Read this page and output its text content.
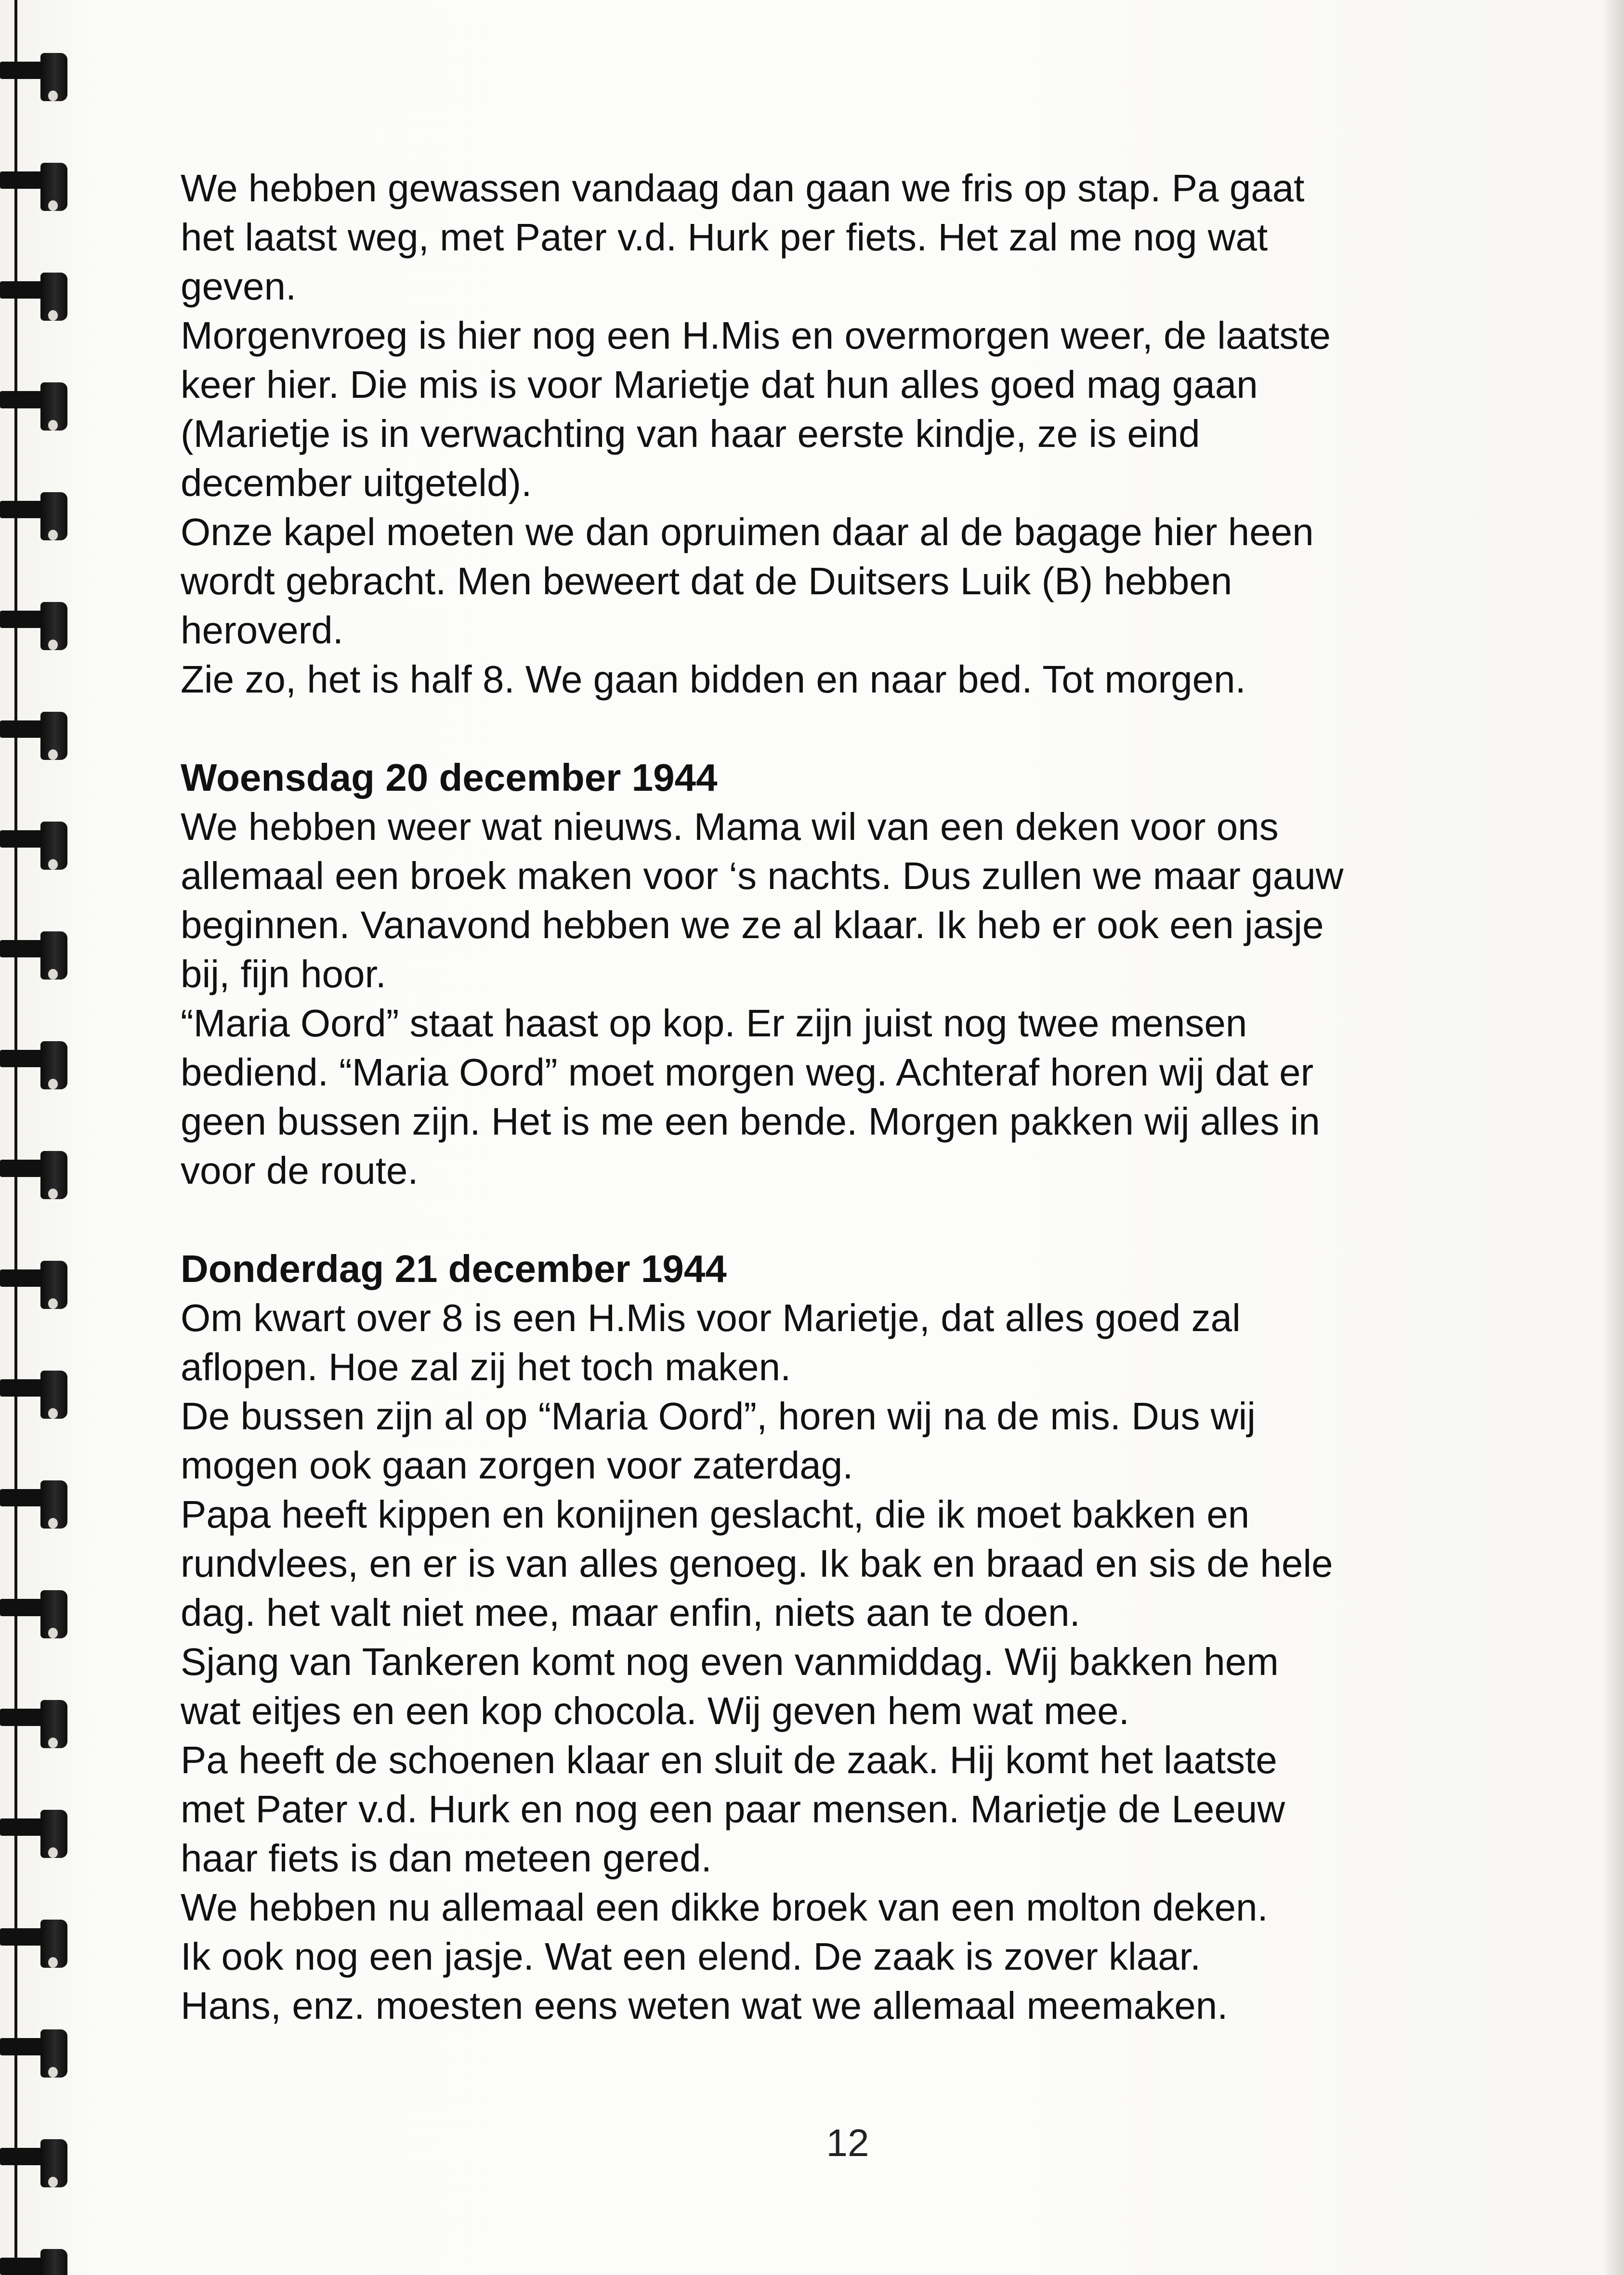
We hebben gewassen vandaag dan gaan we fris op stap. Pa gaat
het laatst weg, met Pater v.d. Hurk per fiets. Het zal me nog wat
geven.
Morgenvroeg is hier nog een H.Mis en overmorgen weer, de laatste
keer hier. Die mis is voor Marietje dat hun alles goed mag gaan
(Marietje is in verwachting van haar eerste kindje, ze is eind
december uitgeteld).
Onze kapel moeten we dan opruimen daar al de bagage hier heen
wordt gebracht. Men beweert dat de Duitsers Luik (B) hebben
heroverd.
Zie zo, het is half 8. We gaan bidden en naar bed. Tot morgen.
Woensdag 20 december 1944
We hebben weer wat nieuws. Mama wil van een deken voor ons
allemaal een broek maken voor ‘s nachts. Dus zullen we maar gauw
beginnen. Vanavond hebben we ze al klaar. Ik heb er ook een jasje
bij, fijn hoor.
“Maria Oord” staat haast op kop. Er zijn juist nog twee mensen
bediend. “Maria Oord” moet morgen weg. Achteraf horen wij dat er
geen bussen zijn. Het is me een bende. Morgen pakken wij alles in
voor de route.
Donderdag 21 december 1944
Om kwart over 8 is een H.Mis voor Marietje, dat alles goed zal
aflopen. Hoe zal zij het toch maken.
De bussen zijn al op “Maria Oord”, horen wij na de mis. Dus wij
mogen ook gaan zorgen voor zaterdag.
Papa heeft kippen en konijnen geslacht, die ik moet bakken en
rundvlees, en er is van alles genoeg. Ik bak en braad en sis de hele
dag. het valt niet mee, maar enfin, niets aan te doen.
Sjang van Tankeren komt nog even vanmiddag. Wij bakken hem
wat eitjes en een kop chocola. Wij geven hem wat mee.
Pa heeft de schoenen klaar en sluit de zaak. Hij komt het laatste
met Pater v.d. Hurk en nog een paar mensen. Marietje de Leeuw
haar fiets is dan meteen gered.
We hebben nu allemaal een dikke broek van een molton deken.
Ik ook nog een jasje. Wat een elend. De zaak is zover klaar.
Hans, enz. moesten eens weten wat we allemaal meemaken.
12
